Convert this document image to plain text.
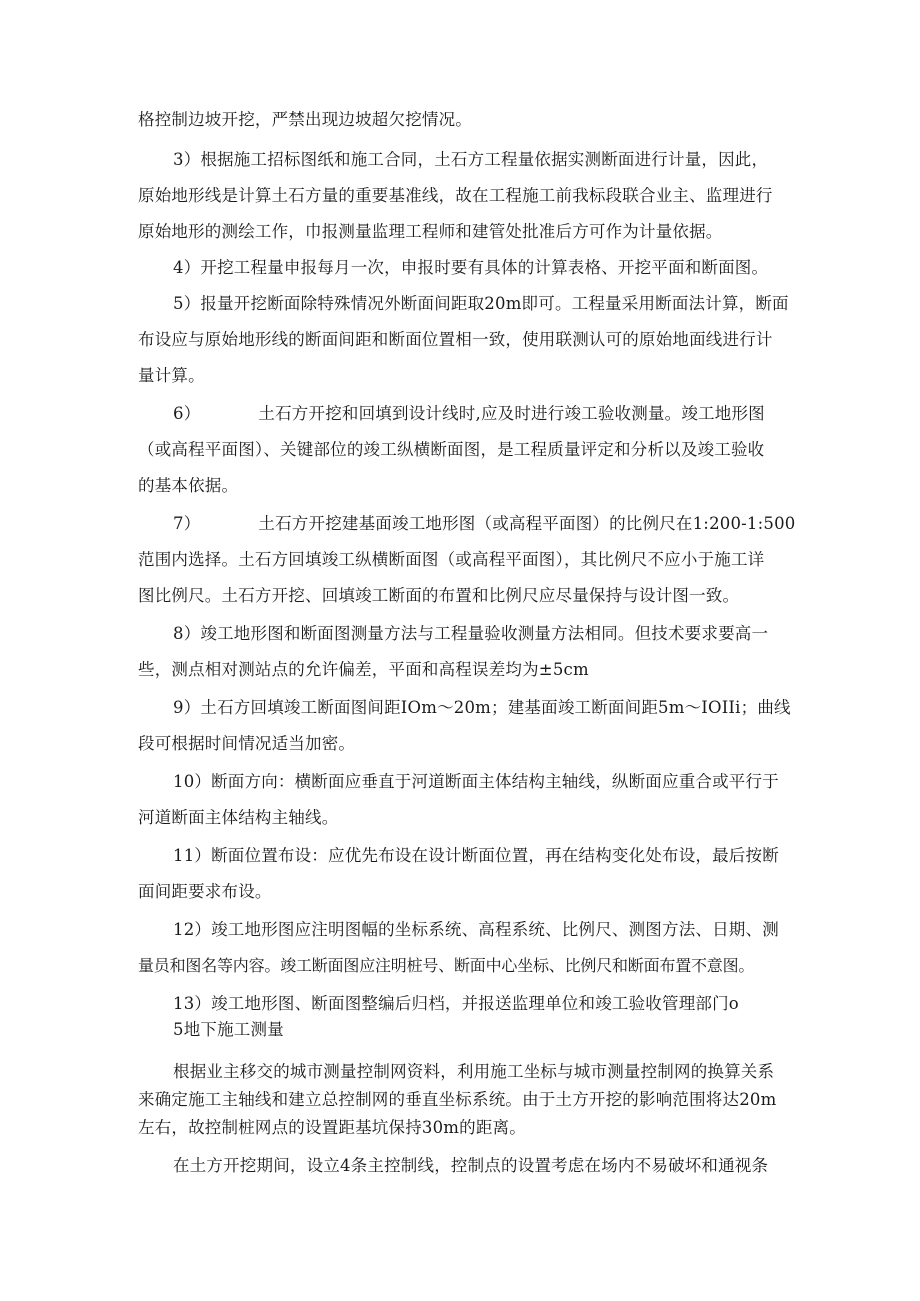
格控制边坡开挖，严禁出现边坡超欠挖情况。
3）根据施工招标图纸和施工合同，土石方工程量依据实测断面进行计量，因此，
原始地形线是计算土石方量的重要基准线，故在工程施工前我标段联合业主、监理进行
原始地形的测绘工作，巾报测量监理工程师和建管处批准后方可作为计量依据。
4）开挖工程量申报每月一次，申报时要有具体的计算表格、开挖平面和断面图。
5）报量开挖断面除特殊情况外断面间距取20m即可。工程量采用断面法计算，断面
布设应与原始地形线的断面间距和断面位置相一致，使用联测认可的原始地面线进行计
量计算。
6）	土石方开挖和回填到设计线时,应及时进行竣工验收测量。竣工地形图
（或高程平面图）、关键部位的竣工纵横断面图，是工程质量评定和分析以及竣工验收
的基本依据。
7）	土石方开挖建基面竣工地形图（或高程平面图）的比例尺在1:200-1:500
范围内选择。土石方回填竣工纵横断面图（或高程平面图），其比例尺不应小于施工详
图比例尺。土石方开挖、回填竣工断面的布置和比例尺应尽量保持与设计图一致。
8）竣工地形图和断面图测量方法与工程量验收测量方法相同。但技术要求要高一
些，测点相对测站点的允许偏差，平面和高程误差均为±5cm
9）土石方回填竣工断面图间距IOm～20m；建基面竣工断面间距5m～IOIIi；曲线
段可根据时间情况适当加密。
10）断面方向：横断面应垂直于河道断面主体结构主轴线，纵断面应重合或平行于
河道断面主体结构主轴线。
11）断面位置布设：应优先布设在设计断面位置，再在结构变化处布设，最后按断
面间距要求布设。
12）竣工地形图应注明图幅的坐标系统、高程系统、比例尺、测图方法、日期、测
量员和图名等内容。竣工断面图应注明桩号、断面中心坐标、比例尺和断面布置不意图。
13）竣工地形图、断面图整编后归档，并报送监理单位和竣工验收管理部门o
5地下施工测量
根据业主移交的城市测量控制网资料，利用施工坐标与城市测量控制网的换算关系
来确定施工主轴线和建立总控制网的垂直坐标系统。由于土方开挖的影响范围将达20m
左右，故控制桩网点的设置距基坑保持30m的距离。
在土方开挖期间，设立4条主控制线，控制点的设置考虑在场内不易破坏和通视条
